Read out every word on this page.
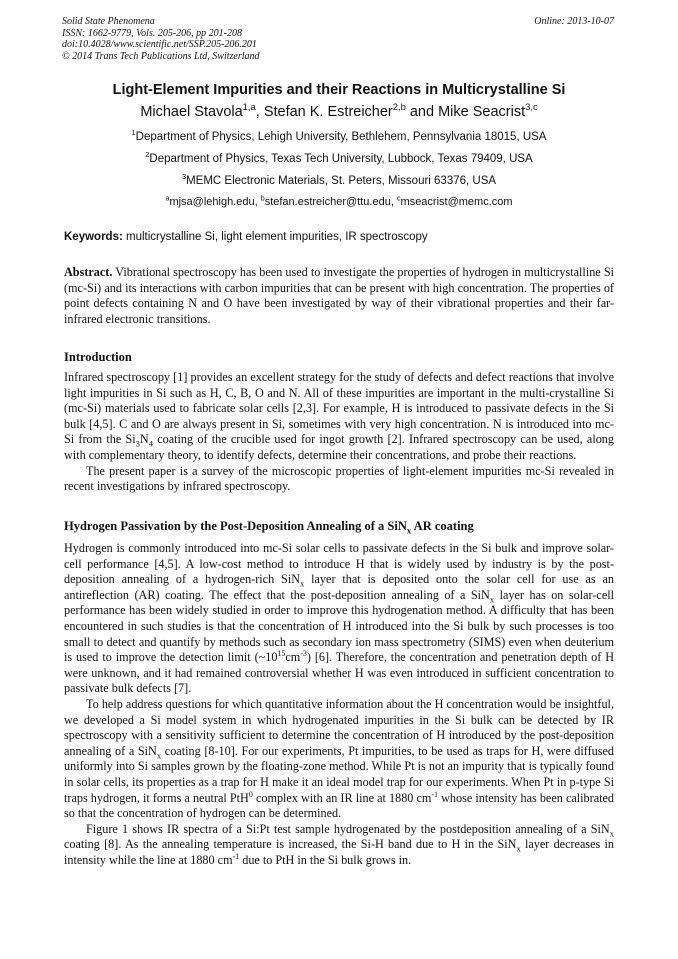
Solid State Phenomena
ISSN: 1662-9779, Vols. 205-206, pp 201-208
doi:10.4028/www.scientific.net/SSP.205-206.201
© 2014 Trans Tech Publications Ltd, Switzerland
Online: 2013-10-07
Light-Element Impurities and their Reactions in Multicrystalline Si
Michael Stavola$^{1,a}$, Stefan K. Estreicher$^{2,b}$ and Mike Seacrist$^{3,c}$
$^1$Department of Physics, Lehigh University, Bethlehem, Pennsylvania 18015, USA
$^2$Department of Physics, Texas Tech University, Lubbock, Texas 79409, USA
$^3$MEMC Electronic Materials, St. Peters, Missouri 63376, USA
$^a$mjsa@lehigh.edu, $^b$stefan.estreicher@ttu.edu, $^c$mseacrist@memc.com
Keywords: multicrystalline Si, light element impurities, IR spectroscopy
Abstract. Vibrational spectroscopy has been used to investigate the properties of hydrogen in multicrystalline Si (mc-Si) and its interactions with carbon impurities that can be present with high concentration. The properties of point defects containing N and O have been investigated by way of their vibrational properties and their far-infrared electronic transitions.
Introduction

Infrared spectroscopy [1] provides an excellent strategy for the study of defects and defect reactions that involve light impurities in Si such as H, C, B, O and N. All of these impurities are important in the multi-crystalline Si (mc-Si) materials used to fabricate solar cells [2,3]. For example, H is introduced to passivate defects in the Si bulk [4,5]. C and O are always present in Si, sometimes with very high concentration. N is introduced into mc-Si from the $Si_3N_4$ coating of the crucible used for ingot growth [2]. Infrared spectroscopy can be used, along with complementary theory, to identify defects, determine their concentrations, and probe their reactions.

The present paper is a survey of the microscopic properties of light-element impurities mc-Si revealed in recent investigations by infrared spectroscopy.

Hydrogen Passivation by the Post-Deposition Annealing of a SiN$_x$ AR coating

Hydrogen is commonly introduced into mc-Si solar cells to passivate defects in the Si bulk and improve solar-cell performance [4,5]. A low-cost method to introduce H that is widely used by industry is by the post-deposition annealing of a hydrogen-rich SiN$_x$ layer that is deposited onto the solar cell for use as an antireflection (AR) coating. The effect that the post-deposition annealing of a SiN$_x$ layer has on solar-cell performance has been widely studied in order to improve this hydrogenation method. A difficulty that has been encountered in such studies is that the concentration of H introduced into the Si bulk by such processes is too small to detect and quantify by methods such as secondary ion mass spectrometry (SIMS) even when deuterium is used to improve the detection limit $(\sim 10^{15}cm^{-3})$ [6]. Therefore, the concentration and penetration depth of H were unknown, and it had remained controversial whether H was even introduced in sufficient concentration to passivate bulk defects [7].

To help address questions for which quantitative information about the H concentration would be insightful, we developed a Si model system in which hydrogenated impurities in the Si bulk can be detected by IR spectroscopy with a sensitivity sufficient to determine the concentration of H introduced by the post-deposition annealing of a SiN$_x$ coating [8-10]. For our experiments, Pt impurities, to be used as traps for H, were diffused uniformly into Si samples grown by the floating-zone method. While Pt is not an impurity that is typically found in solar cells, its properties as a trap for H make it an ideal model trap for our experiments. When Pt in p-type Si traps hydrogen, it forms a neutral PtH$^0$ complex with an IR line at 1880 $cm^{-1}$ whose intensity has been calibrated so that the concentration of hydrogen can be determined.

Figure 1 shows IR spectra of a Si:Pt test sample hydrogenated by the postdeposition annealing of a SiN$_x$ coating [8]. As the annealing temperature is increased, the Si-H band due to H in the SiN$_x$ layer decreases in intensity while the line at 1880 $cm^{-1}$ due to PtH in the Si bulk grows in.
